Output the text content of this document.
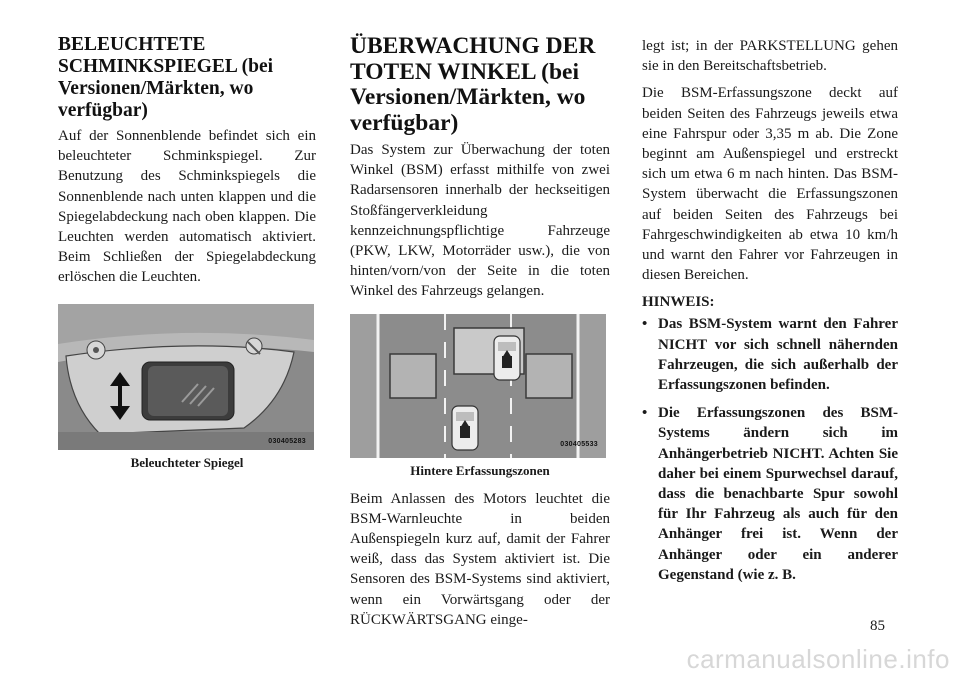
BELEUCHTETE SCHMINKSPIEGEL (bei Versionen/Märkten, wo verfügbar)

Auf der Sonnenblende befindet sich ein beleuchteter Schminkspiegel. Zur Benutzung des Schminkspiegels die Sonnenblende nach unten klappen und die Spiegelabdeckung nach oben klappen. Die Leuchten werden automatisch aktiviert. Beim Schließen der Spiegelabdeckung erlöschen die Leuchten.

030405283
Beleuchteter Spiegel
ÜBERWACHUNG DER TOTEN WINKEL (bei Versionen/Märkten, wo verfügbar)

Das System zur Überwachung der toten Winkel (BSM) erfasst mithilfe von zwei Radarsensoren innerhalb der heckseitigen Stoßfängerverkleidung kennzeichnungspflichtige Fahrzeuge (PKW, LKW, Motorräder usw.), die von hinten/vorn/von der Seite in die toten Winkel des Fahrzeugs gelangen.

030405533
Hintere Erfassungszonen

Beim Anlassen des Motors leuchtet die BSM-Warnleuchte in beiden Außenspiegeln kurz auf, damit der Fahrer weiß, dass das System aktiviert ist. Die Sensoren des BSM-Systems sind aktiviert, wenn ein Vorwärtsgang oder der RÜCKWÄRTSGANG einge-

legt ist; in der PARKSTELLUNG gehen sie in den Bereitschaftsbetrieb.

Die BSM-Erfassungszone deckt auf beiden Seiten des Fahrzeugs jeweils etwa eine Fahrspur oder 3,35 m ab. Die Zone beginnt am Außenspiegel und erstreckt sich um etwa 6 m nach hinten. Das BSM-System überwacht die Erfassungszonen auf beiden Seiten des Fahrzeugs bei Fahrgeschwindigkeiten ab etwa 10 km/h und warnt den Fahrer vor Fahrzeugen in diesen Bereichen.

HINWEIS:
• Das BSM-System warnt den Fahrer NICHT vor sich schnell nähernden Fahrzeugen, die sich außerhalb der Erfassungszonen befinden.
• Die Erfassungszonen des BSM-Systems ändern sich im Anhängerbetrieb NICHT. Achten Sie daher bei einem Spurwechsel darauf, dass die benachbarte Spur sowohl für Ihr Fahrzeug als auch für den Anhänger frei ist. Wenn der Anhänger oder ein anderer Gegenstand (wie z. B.
85
carmanualsonline.info
